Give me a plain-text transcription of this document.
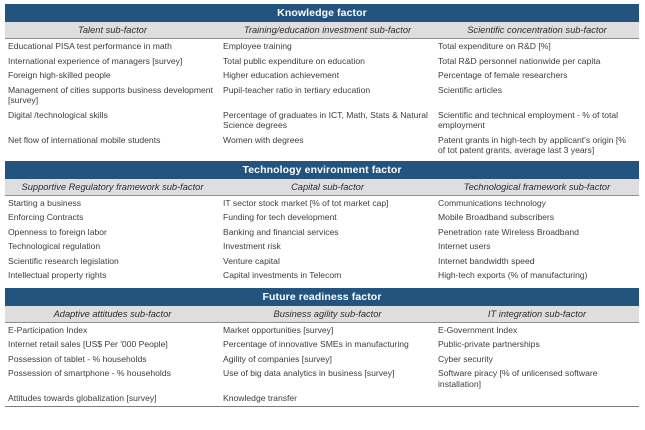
Knowledge factor
Talent sub-factor	Training/education investment sub-factor	Scientific concentration sub-factor
Educational PISA test performance in math	Employee training	Total expenditure on R&D [%]
International experience of managers [survey]	Total public expenditure on education	Total R&D personnel nationwide per capita
Foreign high-skilled people	Higher education achievement	Percentage of female researchers
Management of cities supports business development [survey]	Pupil-teacher ratio in tertiary education	Scientific articles
Digital /technological skills	Percentage of graduates in ICT, Math, Stats & Natural Science degrees	Scientific and technical employment - % of total employment
Net flow of international mobile students	Women with degrees	Patent grants in high-tech by applicant's origin [% of tot patent grants, average last 3 years]
Technology environment factor
Supportive Regulatory framework sub-factor	Capital sub-factor	Technological framework sub-factor
Starting a business	IT sector stock market [% of tot market cap]	Communications technology
Enforcing Contracts	Funding for tech development	Mobile Broadband subscribers
Openness to foreign labor	Banking and financial services	Penetration rate Wireless Broadband
Technological regulation	Investment risk	Internet users
Scientific research legislation	Venture capital	Internet bandwidth speed
Intellectual property rights	Capital investments in Telecom	High-tech exports (% of manufacturing)
Future readiness factor
Adaptive attitudes sub-factor	Business agility sub-factor	IT integration sub-factor
E-Participation Index	Market opportunities [survey]	E-Government Index
Internet retail sales [US$ Per '000 People]	Percentage of innovative SMEs in manufacturing	Public-private partnerships
Possession of tablet - % households	Agility of companies [survey]	Cyber security
Possession of smartphone - % households	Use of big data analytics in business [survey]	Software piracy [% of unlicensed software installation]
Attitudes towards globalization [survey]	Knowledge transfer	
